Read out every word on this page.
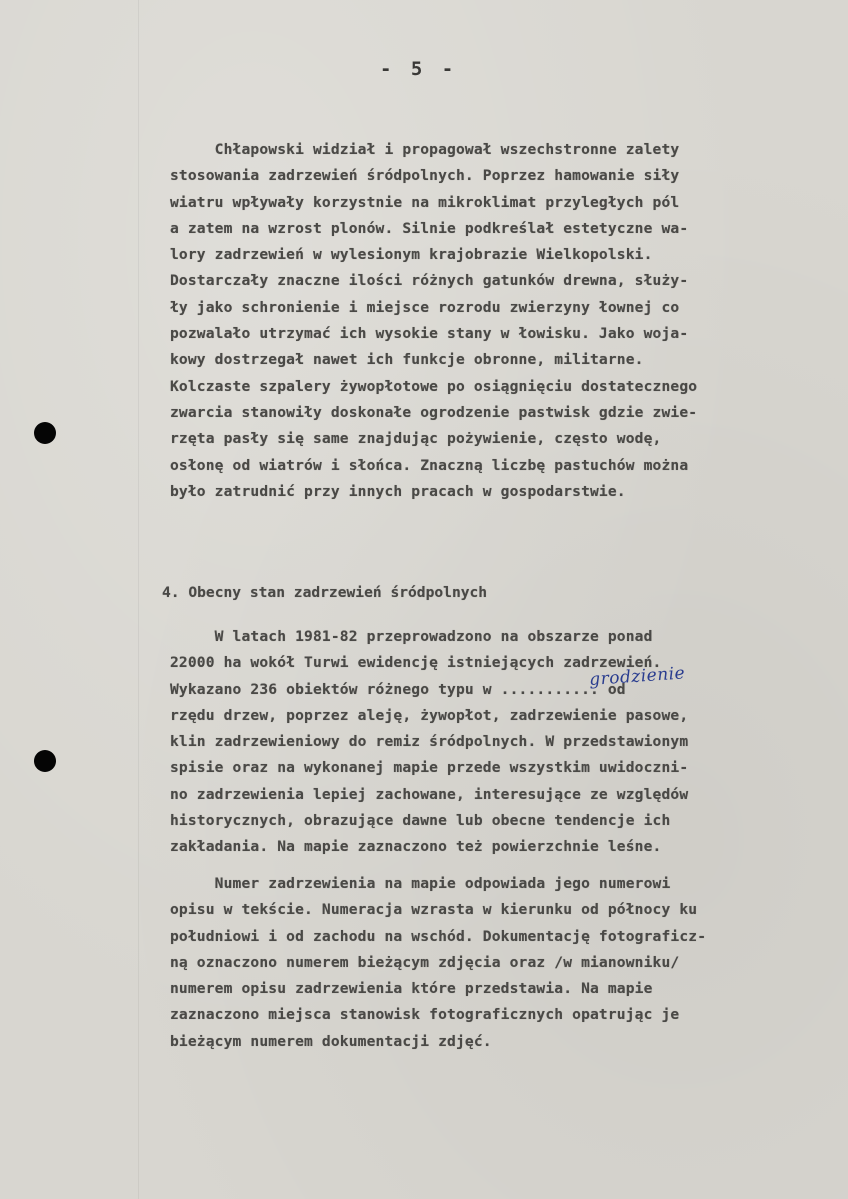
- 5 -
Chłapowski widział i propagował wszechstronne zalety
stosowania zadrzewień śródpolnych. Poprzez hamowanie siły
wiatru wpływały korzystnie na mikroklimat przyległych pól
a zatem na wzrost plonów. Silnie podkreślał estetyczne wa-
lory zadrzewień w wylesionym krajobrazie Wielkopolski.
Dostarczały znaczne ilości różnych gatunków drewna, służy-
ły jako schronienie i miejsce rozrodu zwierzyny łownej co
pozwalało utrzymać ich wysokie stany w łowisku. Jako woja-
kowy dostrzegał nawet ich funkcje obronne, militarne.
Kolczaste szpalery żywopłotowe po osiągnięciu dostatecznego
zwarcia stanowiły doskonałe ogrodzenie pastwisk gdzie zwie-
rzęta pasły się same znajdując pożywienie, często wodę,
osłonę od wiatrów i słońca. Znaczną liczbę pastuchów można
było zatrudnić przy innych pracach w gospodarstwie.
4. Obecny stan zadrzewień śródpolnych
W latach 1981-82 przeprowadzono na obszarze ponad
22000 ha wokół Turwi ewidencję istniejących zadrzewień.
Wykazano 236 obiektów różnego typu w ........... od
rzędu drzew, poprzez aleję, żywopłot, zadrzewienie pasowe,
klin zadrzewieniowy do remiz śródpolnych. W przedstawionym
spisie oraz na wykonanej mapie przede wszystkim uwidoczni-
no zadrzewienia lepiej zachowane, interesujące ze względów
historycznych, obrazujące dawne lub obecne tendencje ich
zakładania. Na mapie zaznaczono też powierzchnie leśne.
grodzienie
Numer zadrzewienia na mapie odpowiada jego numerowi
opisu w tekście. Numeracja wzrasta w kierunku od północy ku
południowi i od zachodu na wschód. Dokumentację fotograficz-
ną oznaczono numerem bieżącym zdjęcia oraz /w mianowniku/
numerem opisu zadrzewienia które przedstawia. Na mapie
zaznaczono miejsca stanowisk fotograficznych opatrując je
bieżącym numerem dokumentacji zdjęć.
